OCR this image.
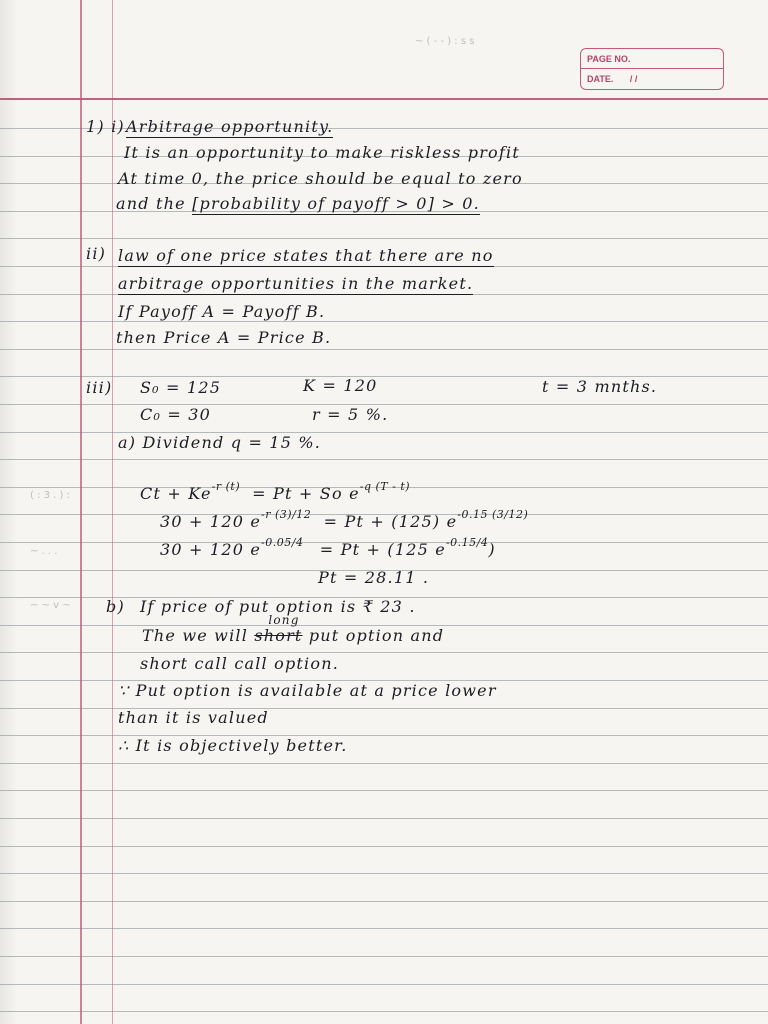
PAGE NO.
DATE. / /
~ ( - - ) : s s
( : 3 . ) :
~ . . .
~ ~ v ~
1) i) Arbitrage opportunity.
It is an opportunity to make riskless profit
At time 0, the price should be equal to zero
and the [probability of payoff > 0] > 0.
ii) law of one price states that there are no
arbitrage opportunities in the market.
If Payoff A = Payoff B.
then Price A = Price B.
iii) S₀ = 125	K = 120	t = 3 mnths.
C₀ = 30	r = 5 %.
a) Dividend q = 15 %.
$Ct + Ke^{-r (t)} = Pt + So$ $e^{-q (T - t)}$
30 + 120 $e^{-r (3)/12} = Pt + (125)$ $e^{-0.15 (3/12)}$
30 + 120 $e^{-0.05/4} = Pt + (125$ $e^{-0.15/4}$)
Pt = 28.11 .
b) If price of put option is ₹ 23 .
The we will short
long
put option and
short call call option.
∵ Put option is available at a price lower
than it is valued
∴ It is objectively better.
